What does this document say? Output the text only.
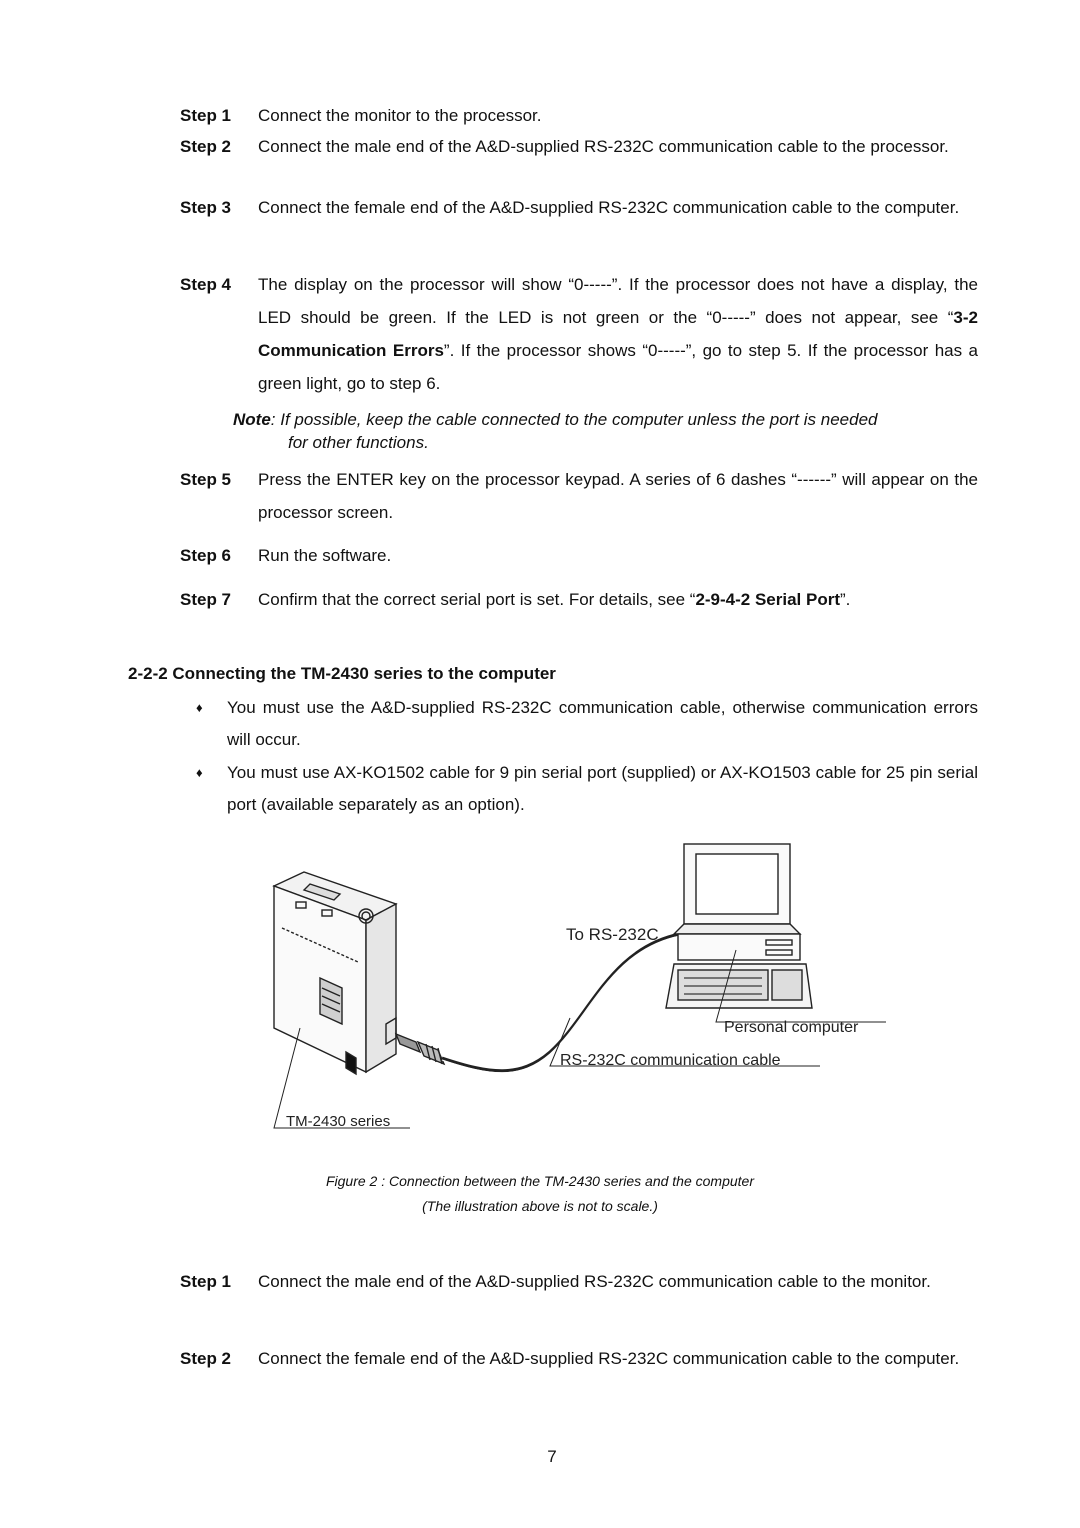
Step 1 Connect the monitor to the processor.
Step 2 Connect the male end of the A&D-supplied RS-232C communication cable to the processor.
Step 3 Connect the female end of the A&D-supplied RS-232C communication cable to the computer.
Step 4 The display on the processor will show “0-----”. If the processor does not have a display, the LED should be green. If the LED is not green or the “0-----” does not appear, see “3-2 Communication Errors”. If the processor shows “0-----”, go to step 5. If the processor has a green light, go to step 6.
Note: If possible, keep the cable connected to the computer unless the port is needed
for other functions.
Step 5 Press the ENTER key on the processor keypad. A series of 6 dashes “------” will appear on the processor screen.
Step 6 Run the software.
Step 7 Confirm that the correct serial port is set. For details, see “2-9-4-2 Serial Port”.
2-2-2 Connecting the TM-2430 series to the computer
♦ You must use the A&D-supplied RS-232C communication cable, otherwise communication errors will occur.
♦ You must use AX-KO1502 cable for 9 pin serial port (supplied) or AX-KO1503 cable for 25 pin serial port (available separately as an option).
To RS-232C
Personal computer
RS-232C communication cable
TM-2430 series
Figure 2 : Connection between the TM-2430 series and the computer
(The illustration above is not to scale.)
Step 1 Connect the male end of the A&D-supplied RS-232C communication cable to the monitor.
Step 2 Connect the female end of the A&D-supplied RS-232C communication cable to the computer.
7
